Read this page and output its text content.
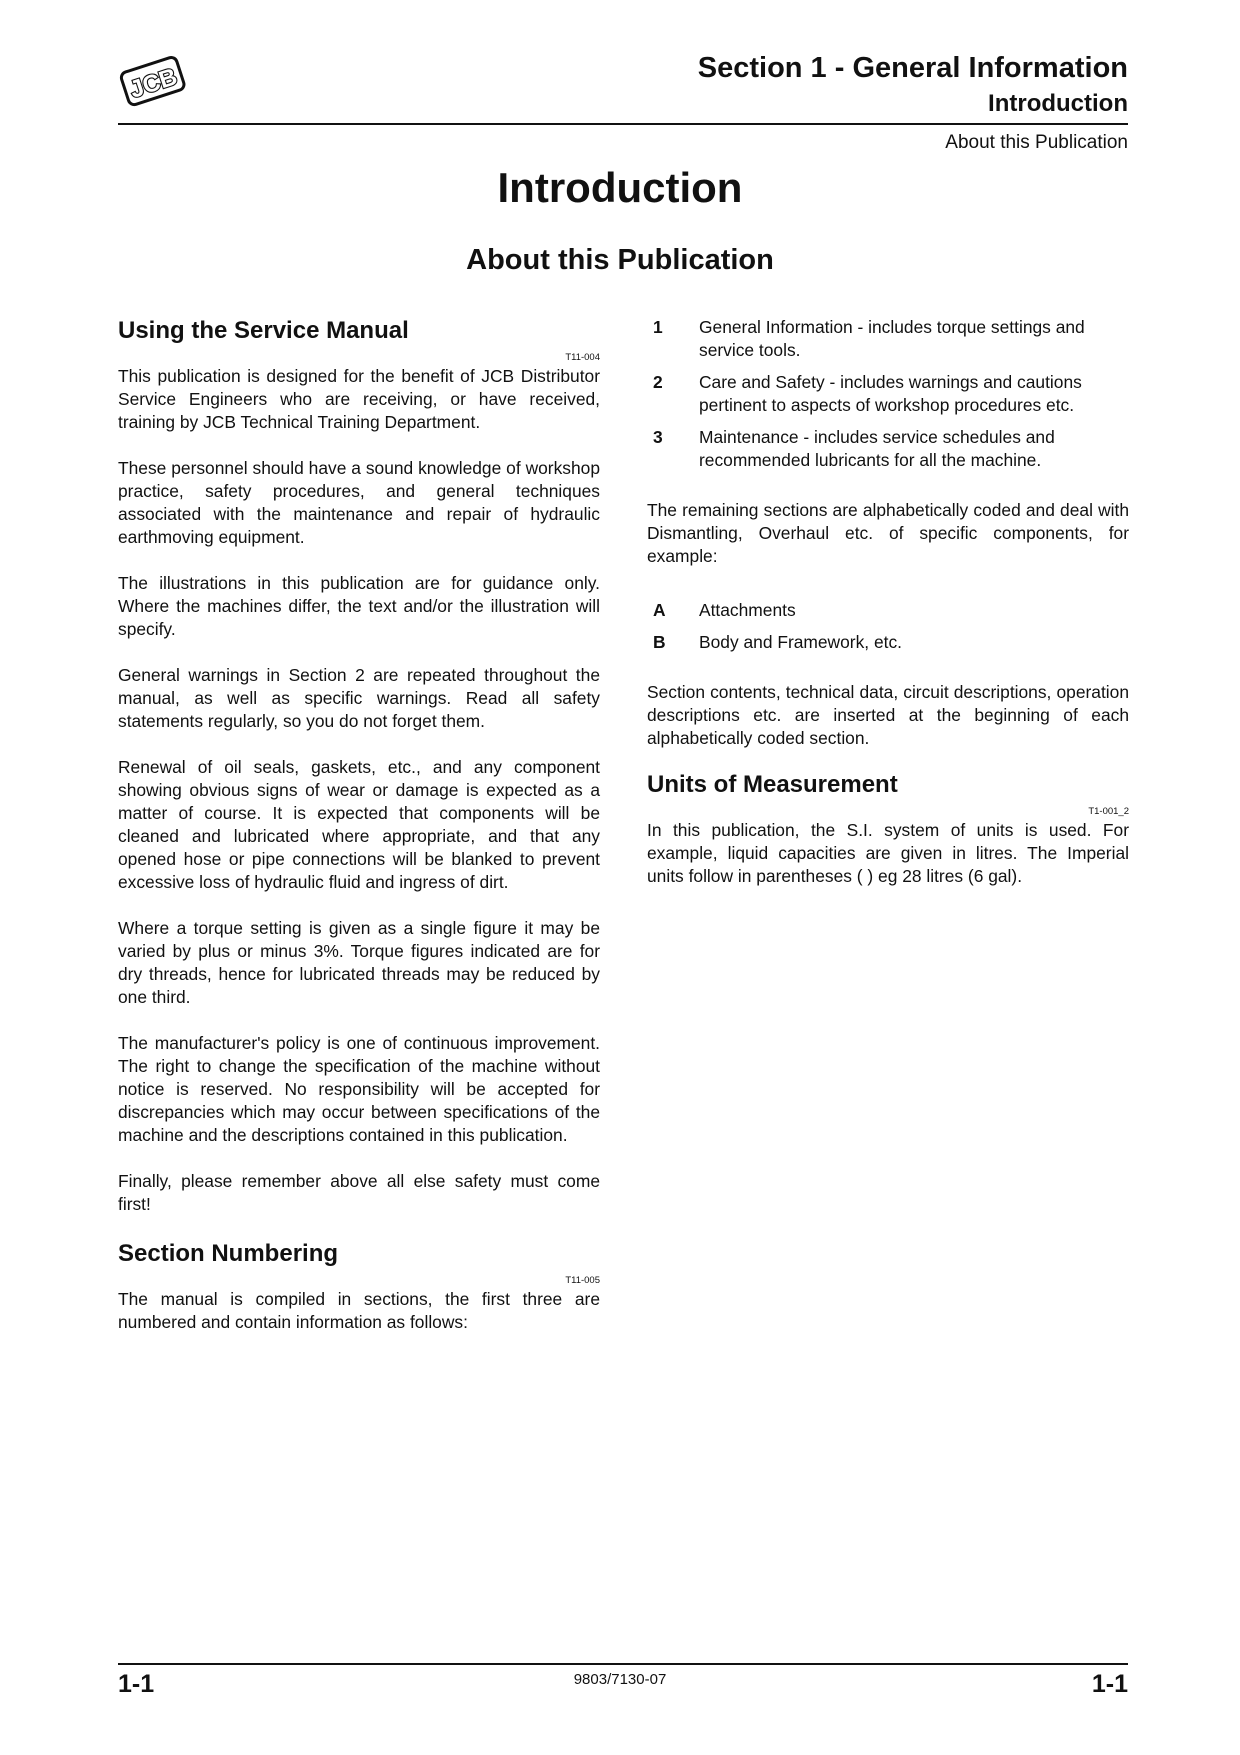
JCB	Section 1 - General Information
Introduction
About this Publication
Introduction
About this Publication
Using the Service Manual
T11-004

This publication is designed for the benefit of JCB Distributor Service Engineers who are receiving, or have received, training by JCB Technical Training Department.

These personnel should have a sound knowledge of workshop practice, safety procedures, and general techniques associated with the maintenance and repair of hydraulic earthmoving equipment.

The illustrations in this publication are for guidance only. Where the machines differ, the text and/or the illustration will specify.

General warnings in Section 2 are repeated throughout the manual, as well as specific warnings. Read all safety statements regularly, so you do not forget them.

Renewal of oil seals, gaskets, etc., and any component showing obvious signs of wear or damage is expected as a matter of course. It is expected that components will be cleaned and lubricated where appropriate, and that any opened hose or pipe connections will be blanked to prevent excessive loss of hydraulic fluid and ingress of dirt.

Where a torque setting is given as a single figure it may be varied by plus or minus 3%. Torque figures indicated are for dry threads, hence for lubricated threads may be reduced by one third.

The manufacturer's policy is one of continuous improvement. The right to change the specification of the machine without notice is reserved. No responsibility will be accepted for discrepancies which may occur between specifications of the machine and the descriptions contained in this publication.

Finally, please remember above all else safety must come first!

Section Numbering
T11-005

The manual is compiled in sections, the first three are numbered and contain information as follows:

1	General Information - includes torque settings and service tools.
2	Care and Safety - includes warnings and cautions pertinent to aspects of workshop procedures etc.
3	Maintenance - includes service schedules and recommended lubricants for all the machine.

The remaining sections are alphabetically coded and deal with Dismantling, Overhaul etc. of specific components, for example:

A	Attachments
B	Body and Framework, etc.

Section contents, technical data, circuit descriptions, operation descriptions etc. are inserted at the beginning of each alphabetically coded section.

Units of Measurement
T1-001_2

In this publication, the S.I. system of units is used. For example, liquid capacities are given in litres. The Imperial units follow in parentheses ( ) eg 28 litres (6 gal).

1-1	9803/7130-07	1-1
